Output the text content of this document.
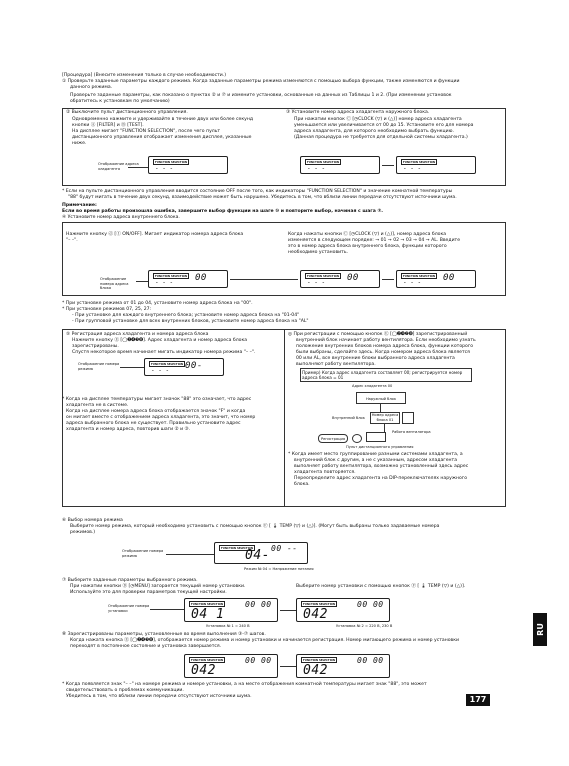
[Процедура] (Внесите изменения только в случае необходимости.)

① Проверьте заданные параметры каждого режима. Когда заданные параметры режима изменяются с помощью выбора функции, также изменяются и функции

данного режима.

Проверьте заданные параметры, как показано о пунктах ② и ⑦ и измените установки, основанные на данных из Таблицы 1 и 2. (При изменении установок

обратитесь к установкам по умолчанию)

② Выключите пульт дистанционного управления.

Одновременно нажмите и удерживайте в течение двух или более секунд

кнопки Ⓐ [FILTER] и Ⓑ [TEST].

На дисплее мигает "FUNCTION SELECTION", после чего пульт

дистанционного управления отображает изменения дисплея, указанные

ниже.

③ Установите номер адреса хладагента наружного блока.

При нажатии кнопок Ⓒ [◷CLOCK (▽) и (△)] номер адреса хладагента

уменьшается или увеличивается от 00 до 15. Установите его для номера

адреса хладагента, для которого необходимо выбрать функцию.

(Данная процедура не требуется для отдельной системы хладагента.)

Отображение адреса хладагента
FUNCTION SELECTION
- - -
FUNCTION SELECTION
- - -
FUNCTION SELECTION
- - -

* Если на пульте дистанционного управления вводится состояние OFF после того, как индикаторы "FUNCTION SELECTION" и значение комнатной температуры

"88" будут мигать в течение двух секунд, взаимодействие может быть нарушено. Убедитесь в том, что вблизи линии передачи отсутствуют источники шума.

Примечание:

Если во время работы произошла ошибка, завершите выбор функции на шаге ⑩ и повторите выбор, начиная с шага ②.

④ Установите номер адреса внутреннего блока.

Нажмите кнопку ⓓ [Ⓘ ON/OFF]. Мигает индикатор номера адреса блока

"– –".

Когда нажаты кнопки Ⓒ [◷CLOCK (▽) и (△)], номер адреса блока

изменяется в следующем порядке: → 01 → 02 → 03 → 04 → AL. Введите

это в номер адреса блока внутреннего блока, функции которого

необходимо установить.

Отображение номера адреса блока
FUNCTION SELECTION 00
- - -
FUNCTION SELECTION 00
- - -
FUNCTION SELECTION 00
- - -

* При установке режима от 01 до 04, установите номер адреса блока на "00".

* При установке режимов 07, 25, 27:

- При установке для каждого внутреннего блока; установите номер адреса блока на "01-04"

- При групповой установке для всех внутренних блоков, установите номер адреса блока на "AL"

⑤ Регистрация адреса хладагента и номера адреса блока

Нажмите кнопку Ⓔ [◯➋➍❼➑]. Адрес хладагента и номер адреса блока

зарегистрированы.

Спустя некоторое время начинает мигать индикатор номера режима "– –".

Отображение номера режима
FUNCTION SELECTION 00-
- - -

* Когда на дисплее температуры мигает значок "88" это означает, что адрес

хладагента не в системе.

Когда на дисплее номера адреса блока отображается значок "F" и когда

он мигает вместе с отображением адреса хладагента, это значит, что номер

адреса выбранного блока не существует. Правильно установите адрес

хладагента и номер адреса, повторив шаги ② и ③.

◎ При регистрации с помощью кнопок Ⓔ [◯➋➍❼➑] зарегистрированный

внутренний блок начинает работу вентилятора. Если необходимо узнать

положение внутренних блоков номера адреса блока, функции которого

были выбраны, сделайте здесь. Когда номером адреса блока является

00 или AL, все внутренние блоки выбранного адреса хладагента

выполняют работу вентилятора.

Пример) Когда адрес хладагента составляет 00; регистрируется номер адреса блока = 01

Адрес хладагента 00
Наружный блок
Внутренний блок
Номер адреса блока 01
Работа вентилятора
Регистрация
Пульт дистанционного управления

* Когда имеет место группирование разными системами хладагента, а

внутренний блок с другим, а не с указанным, адресом хладагента

выполняет работу вентилятора, возможно установленный здесь адрес

хладагента повторяется.

Переопределите адрес хладагента на DIP-переключателях наружного

блока.

⑥ Выбор номера режима

Выберите номер режима, который необходимо установить с помощью кнопок Ⓕ [ 🌡 TEMP (▽) и (△)]. (Могут быть выбраны только задаваемые номера

режимов.)

Отображение номера режима
FUNCTION SELECTION 00 --
04-
Режим № 04 = Напряжение питания

⑦ Выберите заданные параметры выбранного режима.

При нажатии кнопки Ⓓ [◷MENU] загорается текущий номер установки.

Используйте это для проверки параметров текущей настройки.

Выберите номер установки с помощью кнопок Ⓕ [ 🌡 TEMP (▽) и (△)].

Отображение номера установки
FUNCTION SELECTION	00 00
04 1
Установка № 1 = 240 В
FUNCTION SELECTION	00 00
042
Установка № 2 = 220 В, 230 В

⑧ Зарегистрированы параметры, установленные во время выполнения ③-⑦ шагов.

Когда нажата кнопка Ⓔ [◯➋➍❼➑], отображается номер режима и номер установки и начинается регистрация. Номер мигающего режима и номер установки

переходят в постоянное состояние и установка завершается.

FUNCTION SELECTION	00 00
042
FUNCTION SELECTION	00 00
042

* Когда появляется знак "– –" на номере режима и номере установки, а на месте отображения комнатной температуры мигает знак "88", это может

свидетельствовать о проблемах коммуникации.

Убедитесь в том, что вблизи линии передачи отсутствуют источники шума.

RU
177
